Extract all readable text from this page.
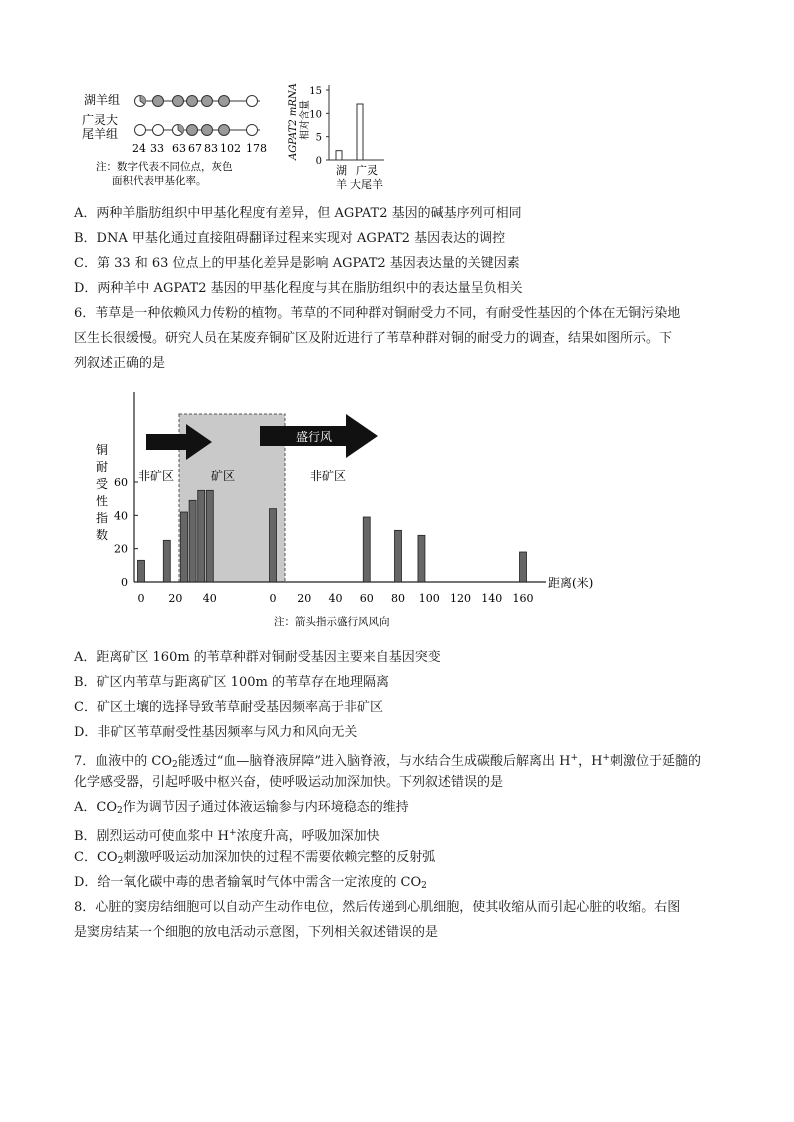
湖羊组
广灵大
尾羊组
24 33 63 67 83 102 178
注：数字代表不同位点，灰色
面积代表甲基化率。
AGPAT2 mRNA 相对含量
0
5
10
15
湖
羊
广灵
大尾羊
A．两种羊脂肪组织中甲基化程度有差异，但 AGPAT2 基因的碱基序列可相同
B．DNA 甲基化通过直接阻碍翻译过程来实现对 AGPAT2 基因表达的调控
C．第 33 和 63 位点上的甲基化差异是影响 AGPAT2 基因表达量的关键因素
D．两种羊中 AGPAT2 基因的甲基化程度与其在脂肪组织中的表达量呈负相关
6．苇草是一种依赖风力传粉的植物。苇草的不同种群对铜耐受力不同，有耐受性基因的个体在无铜污染地
区生长很缓慢。研究人员在某废弃铜矿区及附近进行了苇草种群对铜的耐受力的调查，结果如图所示。下
列叙述正确的是
铜
耐
受
性
指
数
0
20
40
60
盛行风
非矿区	矿区	非矿区
0 20 40	0 20 40 60 80 100 120 140 160
距离(米)
注：箭头指示盛行风风向
A．距离矿区 160m 的苇草种群对铜耐受基因主要来自基因突变
B．矿区内苇草与距离矿区 100m 的苇草存在地理隔离
C．矿区土壤的选择导致苇草耐受基因频率高于非矿区
D．非矿区苇草耐受性基因频率与风力和风向无关
7．血液中的 $CO_2$能透过“血—脑脊液屏障”进入脑脊液，与水结合生成碳酸后解离出 H+，H+刺激位于延髓的
化学感受器，引起呼吸中枢兴奋，使呼吸运动加深加快。下列叙述错误的是
A．$CO_2$作为调节因子通过体液运输参与内环境稳态的维持
B．剧烈运动可使血浆中 H+浓度升高，呼吸加深加快
C．$CO_2$刺激呼吸运动加深加快的过程不需要依赖完整的反射弧
D．给一氧化碳中毒的患者输氧时气体中需含一定浓度的 $CO_2$
8．心脏的窦房结细胞可以自动产生动作电位，然后传递到心肌细胞，使其收缩从而引起心脏的收缩。右图
是窦房结某一个细胞的放电活动示意图，下列相关叙述错误的是
